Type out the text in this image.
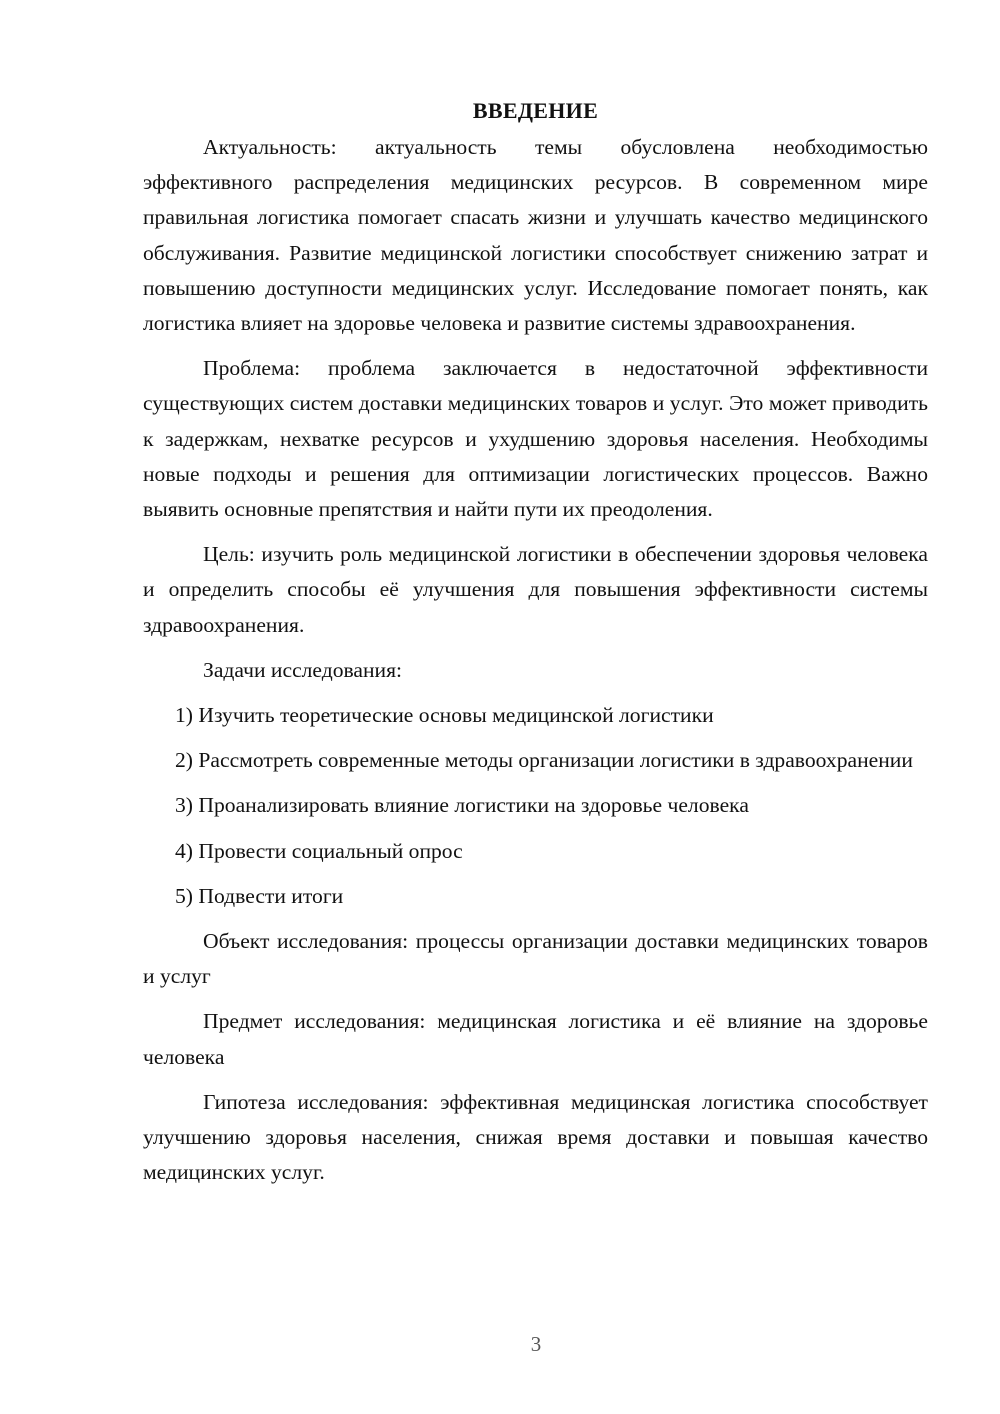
ВВЕДЕНИЕ

Актуальность: актуальность темы обусловлена необходимостью эффективного распределения медицинских ресурсов. В современном мире правильная логистика помогает спасать жизни и улучшать качество медицинского обслуживания. Развитие медицинской логистики способствует снижению затрат и повышению доступности медицинских услуг. Исследование помогает понять, как логистика влияет на здоровье человека и развитие системы здравоохранения.

Проблема: проблема заключается в недостаточной эффективности существующих систем доставки медицинских товаров и услуг. Это может приводить к задержкам, нехватке ресурсов и ухудшению здоровья населения. Необходимы новые подходы и решения для оптимизации логистических процессов. Важно выявить основные препятствия и найти пути их преодоления.

Цель: изучить роль медицинской логистики в обеспечении здоровья человека и определить способы её улучшения для повышения эффективности системы здравоохранения.

Задачи исследования:

1) Изучить теоретические основы медицинской логистики

2) Рассмотреть современные методы организации логистики в здравоохранении

3) Проанализировать влияние логистики на здоровье человека

4) Провести социальный опрос

5) Подвести итоги

Объект исследования: процессы организации доставки медицинских товаров и услуг

Предмет исследования: медицинская логистика и её влияние на здоровье человека

Гипотеза исследования: эффективная медицинская логистика способствует улучшению здоровья населения, снижая время доставки и повышая качество медицинских услуг.

3
